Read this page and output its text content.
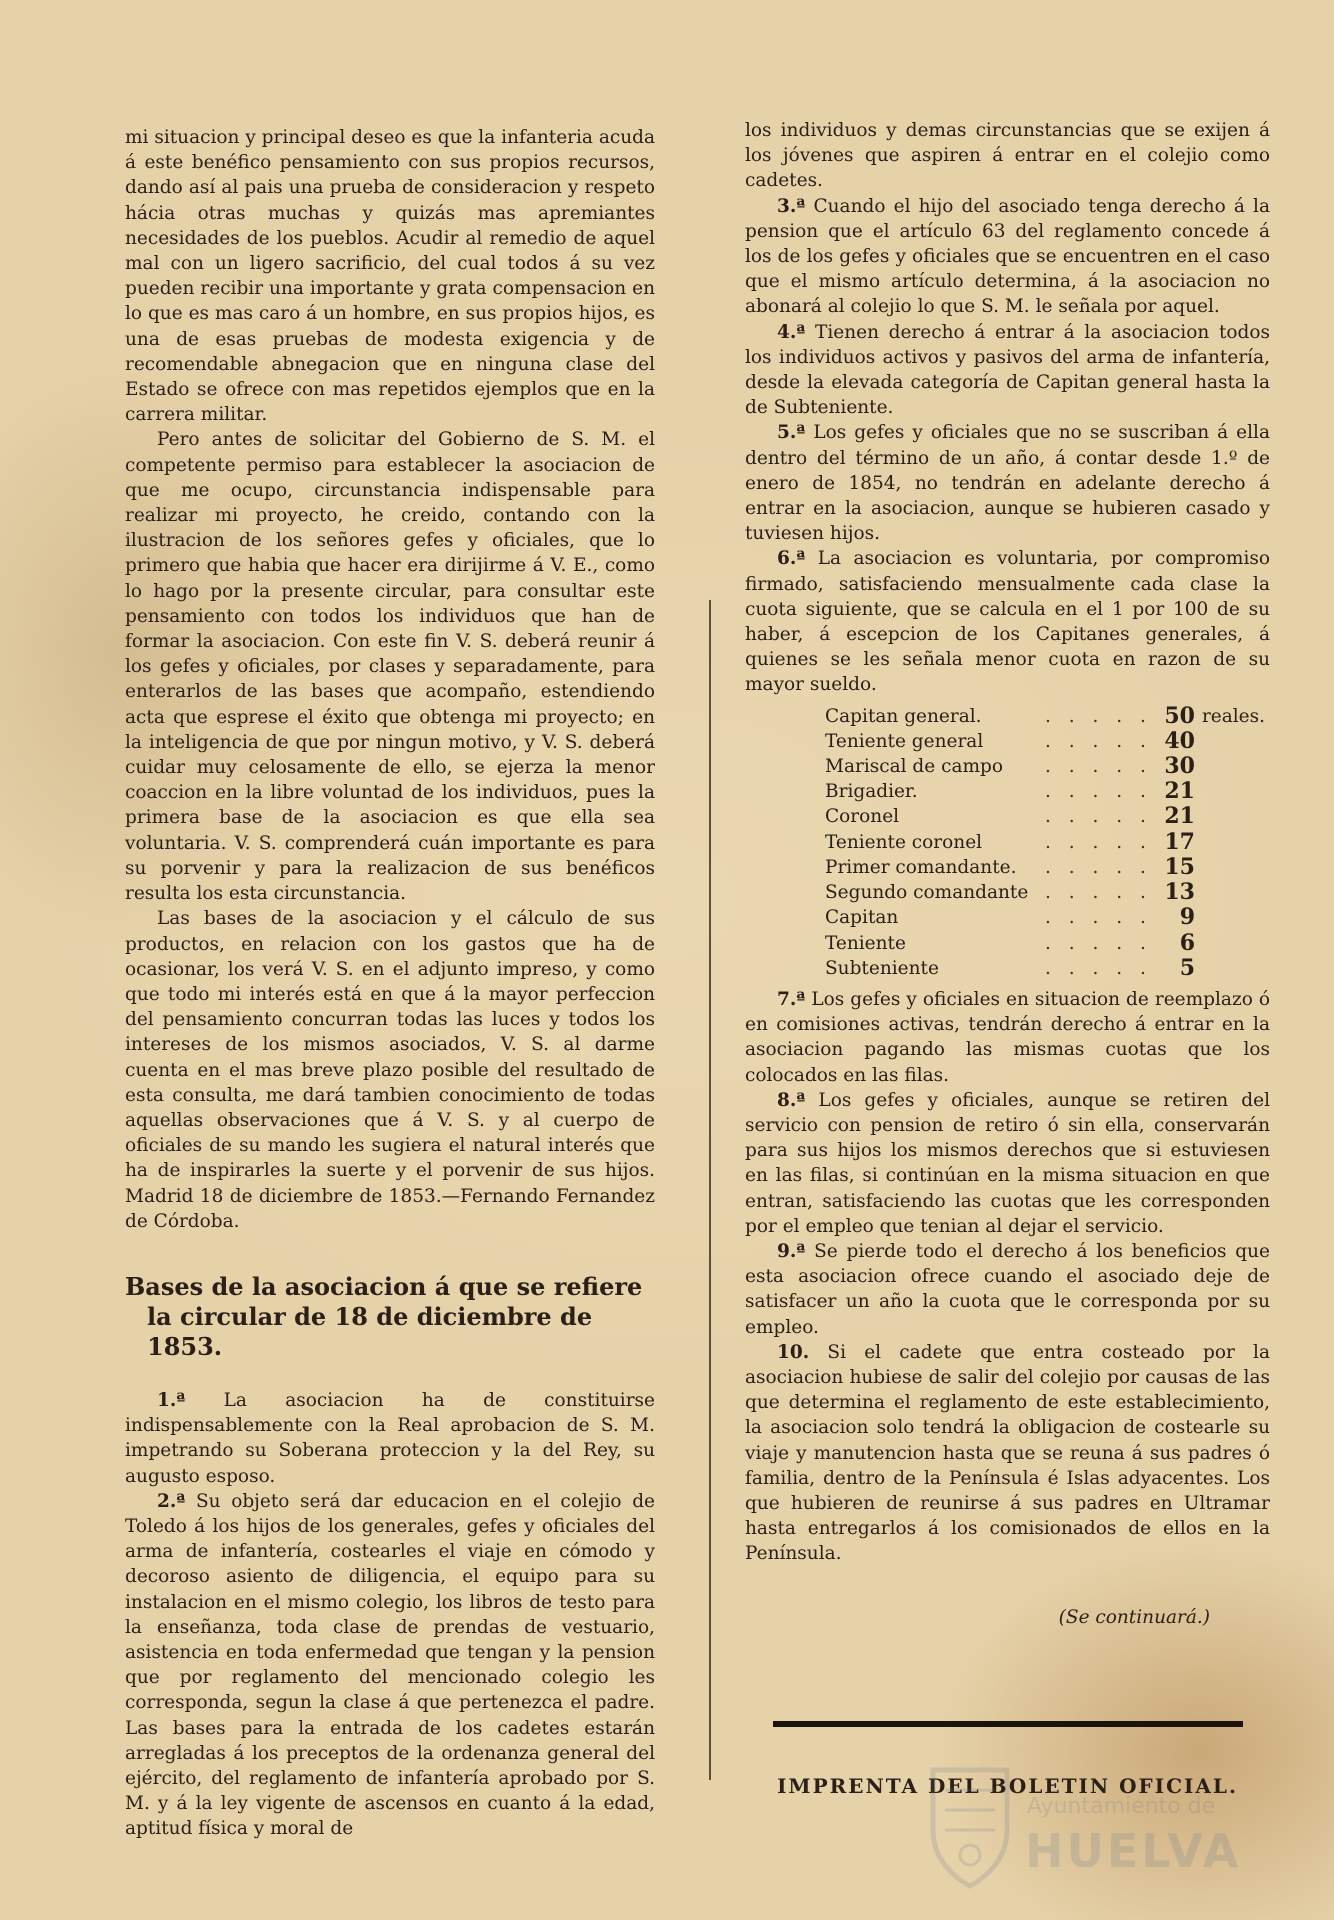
mi situacion y principal deseo es que la infanteria acuda á este benéfico pensamiento con sus propios recursos, dando así al pais una prueba de consideracion y respeto hácia otras muchas y quizás mas apremiantes necesidades de los pueblos. Acudir al remedio de aquel mal con un ligero sacrificio, del cual todos á su vez pueden recibir una importante y grata compensacion en lo que es mas caro á un hombre, en sus propios hijos, es una de esas pruebas de modesta exigencia y de recomendable abnegacion que en ninguna clase del Estado se ofrece con mas repetidos ejemplos que en la carrera militar.

Pero antes de solicitar del Gobierno de S. M. el competente permiso para establecer la asociacion de que me ocupo, circunstancia indispensable para realizar mi proyecto, he creido, contando con la ilustracion de los señores gefes y oficiales, que lo primero que habia que hacer era dirijirme á V. E., como lo hago por la presente circular, para consultar este pensamiento con todos los individuos que han de formar la asociacion. Con este fin V. S. deberá reunir á los gefes y oficiales, por clases y separadamente, para enterarlos de las bases que acompaño, estendiendo acta que esprese el éxito que obtenga mi proyecto; en la inteligencia de que por ningun motivo, y V. S. deberá cuidar muy celosamente de ello, se ejerza la menor coaccion en la libre voluntad de los individuos, pues la primera base de la asociacion es que ella sea voluntaria. V. S. comprenderá cuán importante es para su porvenir y para la realizacion de sus benéficos resulta los esta circunstancia.

Las bases de la asociacion y el cálculo de sus productos, en relacion con los gastos que ha de ocasionar, los verá V. S. en el adjunto impreso, y como que todo mi interés está en que á la mayor perfeccion del pensamiento concurran todas las luces y todos los intereses de los mismos asociados, V. S. al darme cuenta en el mas breve plazo posible del resultado de esta consulta, me dará tambien conocimiento de todas aquellas observaciones que á V. S. y al cuerpo de oficiales de su mando les sugiera el natural interés que ha de inspirarles la suerte y el porvenir de sus hijos. Madrid 18 de diciembre de 1853.—Fernando Fernandez de Córdoba.

Bases de la asociacion á que se refiere la circular de 18 de diciembre de 1853.

1.ª La asociacion ha de constituirse indispensablemente con la Real aprobacion de S. M. impetrando su Soberana proteccion y la del Rey, su augusto esposo.

2.ª Su objeto será dar educacion en el colejio de Toledo á los hijos de los generales, gefes y oficiales del arma de infantería, costearles el viaje en cómodo y decoroso asiento de diligencia, el equipo para su instalacion en el mismo colegio, los libros de testo para la enseñanza, toda clase de prendas de vestuario, asistencia en toda enfermedad que tengan y la pension que por reglamento del mencionado colegio les corresponda, segun la clase á que pertenezca el padre. Las bases para la entrada de los cadetes estarán arregladas á los preceptos de la ordenanza general del ejército, del reglamento de infantería aprobado por S. M. y á la ley vigente de ascensos en cuanto á la edad, aptitud física y moral de

los individuos y demas circunstancias que se exijen á los jóvenes que aspiren á entrar en el colejio como cadetes.

3.ª Cuando el hijo del asociado tenga derecho á la pension que el artículo 63 del reglamento concede á los de los gefes y oficiales que se encuentren en el caso que el mismo artículo determina, á la asociacion no abonará al colejio lo que S. M. le señala por aquel.

4.ª Tienen derecho á entrar á la asociacion todos los individuos activos y pasivos del arma de infantería, desde la elevada categoría de Capitan general hasta la de Subteniente.

5.ª Los gefes y oficiales que no se suscriban á ella dentro del término de un año, á contar desde 1.º de enero de 1854, no tendrán en adelante derecho á entrar en la asociacion, aunque se hubieren casado y tuviesen hijos.

6.ª La asociacion es voluntaria, por compromiso firmado, satisfaciendo mensualmente cada clase la cuota siguiente, que se calcula en el 1 por 100 de su haber, á escepcion de los Capitanes generales, á quienes se les señala menor cuota en razon de su mayor sueldo.

Capitan general.	. . . . .	50	reales.
Teniente general	. . . . .	40	
Mariscal de campo	. . . . .	30	
Brigadier.	. . . . .	21	
Coronel	. . . . .	21	
Teniente coronel	. . . . .	17	
Primer comandante.	. . . . .	15	
Segundo comandante	. . . . .	13	
Capitan	. . . . .	9	
Teniente	. . . . .	6	
Subteniente	. . . . .	5	

7.ª Los gefes y oficiales en situacion de reemplazo ó en comisiones activas, tendrán derecho á entrar en la asociacion pagando las mismas cuotas que los colocados en las filas.

8.ª Los gefes y oficiales, aunque se retiren del servicio con pension de retiro ó sin ella, conservarán para sus hijos los mismos derechos que si estuviesen en las filas, si continúan en la misma situacion en que entran, satisfaciendo las cuotas que les corresponden por el empleo que tenian al dejar el servicio.

9.ª Se pierde todo el derecho á los beneficios que esta asociacion ofrece cuando el asociado deje de satisfacer un año la cuota que le corresponda por su empleo.

10. Si el cadete que entra costeado por la asociacion hubiese de salir del colejio por causas de las que determina el reglamento de este establecimiento, la asociacion solo tendrá la obligacion de costearle su viaje y manutencion hasta que se reuna á sus padres ó familia, dentro de la Península é Islas adyacentes. Los que hubieren de reunirse á sus padres en Ultramar hasta entregarlos á los comisionados de ellos en la Península.

(Se continuará.)

IMPRENTA DEL BOLETIN OFICIAL.
Ayuntamiento de
HUELVA
